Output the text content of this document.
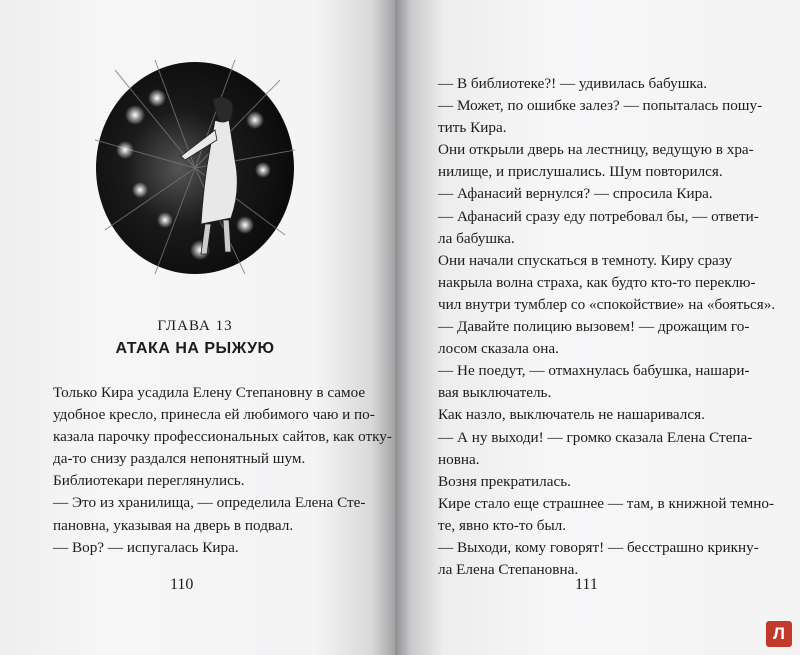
ГЛАВА 13
АТАКА НА РЫЖУЮ
Только Кира усадила Елену Степановну в самое
удобное кресло, принесла ей любимого чаю и по-
казала парочку профессиональных сайтов, как отку-
да-то снизу раздался непонятный шум.
Библиотекари переглянулись.
— Это из хранилища, — определила Елена Сте-
пановна, указывая на дверь в подвал.
— Вор? — испугалась Кира.
110
— В библиотеке?! — удивилась бабушка.
— Может, по ошибке залез? — попыталась пошу-
тить Кира.
Они открыли дверь на лестницу, ведущую в хра-
нилище, и прислушались. Шум повторился.
— Афанасий вернулся? — спросила Кира.
— Афанасий сразу еду потребовал бы, — ответи-
ла бабушка.
Они начали спускаться в темноту. Киру сразу
накрыла волна страха, как будто кто-то переклю-
чил внутри тумблер со «спокойствие» на «бояться».
— Давайте полицию вызовем! — дрожащим го-
лосом сказала она.
— Не поедут, — отмахнулась бабушка, нашари-
вая выключатель.
Как назло, выключатель не нашаривался.
— А ну выходи! — громко сказала Елена Степа-
новна.
Возня прекратилась.
Кире стало еще страшнее — там, в книжной темно-
те, явно кто-то был.
— Выходи, кому говорят! — бесстрашно крикну-
ла Елена Степановна.
111
Л
